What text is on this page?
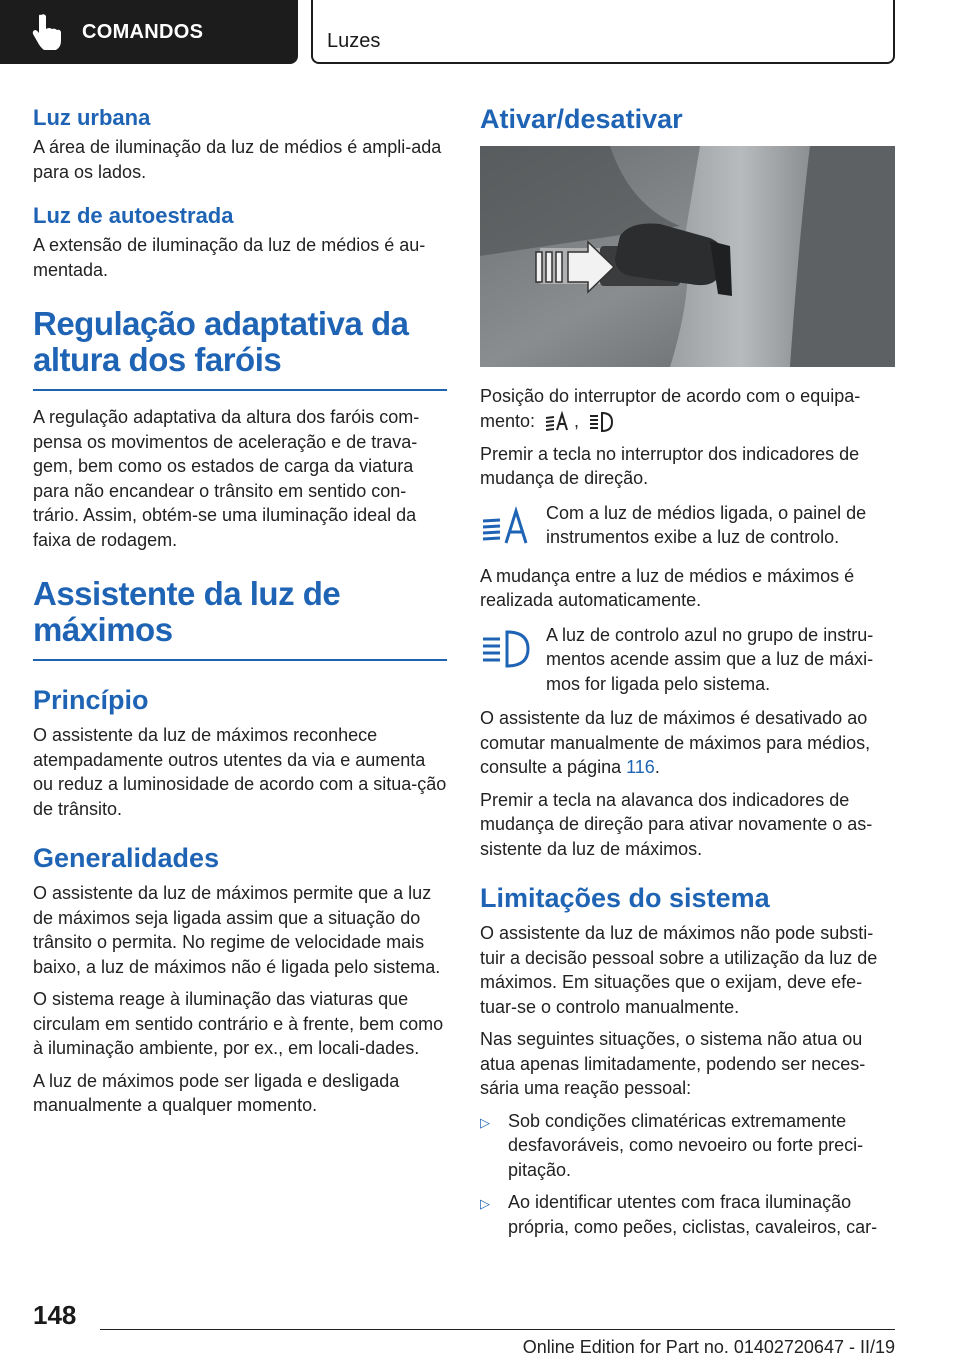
COMANDOS	Luzes
Luz urbana

A área de iluminação da luz de médios é ampli-ada para os lados.

Luz de autoestrada

A extensão de iluminação da luz de médios é au-mentada.

Regulação adaptativa da altura dos faróis

A regulação adaptativa da altura dos faróis com-pensa os movimentos de aceleração e de trava-gem, bem como os estados de carga da viatura para não encandear o trânsito em sentido con-trário. Assim, obtém-se uma iluminação ideal da faixa de rodagem.

Assistente da luz de máximos
Princípio

O assistente da luz de máximos reconhece atempadamente outros utentes da via e aumenta ou reduz a luminosidade de acordo com a situa-ção de trânsito.

Generalidades

O assistente da luz de máximos permite que a luz de máximos seja ligada assim que a situação do trânsito o permita. No regime de velocidade mais baixo, a luz de máximos não é ligada pelo sistema.

O sistema reage à iluminação das viaturas que circulam em sentido contrário e à frente, bem como à iluminação ambiente, por ex., em locali-dades.

A luz de máximos pode ser ligada e desligada manualmente a qualquer momento.

Ativar/desativar

Posição do interruptor de acordo com o equipa-mento: ,

Premir a tecla no interruptor dos indicadores de mudança de direção.

Com a luz de médios ligada, o painel de instrumentos exibe a luz de controlo.

A mudança entre a luz de médios e máximos é realizada automaticamente.

A luz de controlo azul no grupo de instru-mentos acende assim que a luz de máxi-mos for ligada pelo sistema.

O assistente da luz de máximos é desativado ao comutar manualmente de máximos para médios, consulte a página 116.

Premir a tecla na alavanca dos indicadores de mudança de direção para ativar novamente o as-sistente da luz de máximos.

Limitações do sistema

O assistente da luz de máximos não pode substi-tuir a decisão pessoal sobre a utilização da luz de máximos. Em situações que o exijam, deve efe-tuar-se o controlo manualmente.

Nas seguintes situações, o sistema não atua ou atua apenas limitadamente, podendo ser neces-sária uma reação pessoal:

▷	Sob condições climatéricas extremamente desfavoráveis, como nevoeiro ou forte preci-pitação.
▷	Ao identificar utentes com fraca iluminação própria, como peões, ciclistas, cavaleiros, car-
148
Online Edition for Part no. 01402720647 - II/19
